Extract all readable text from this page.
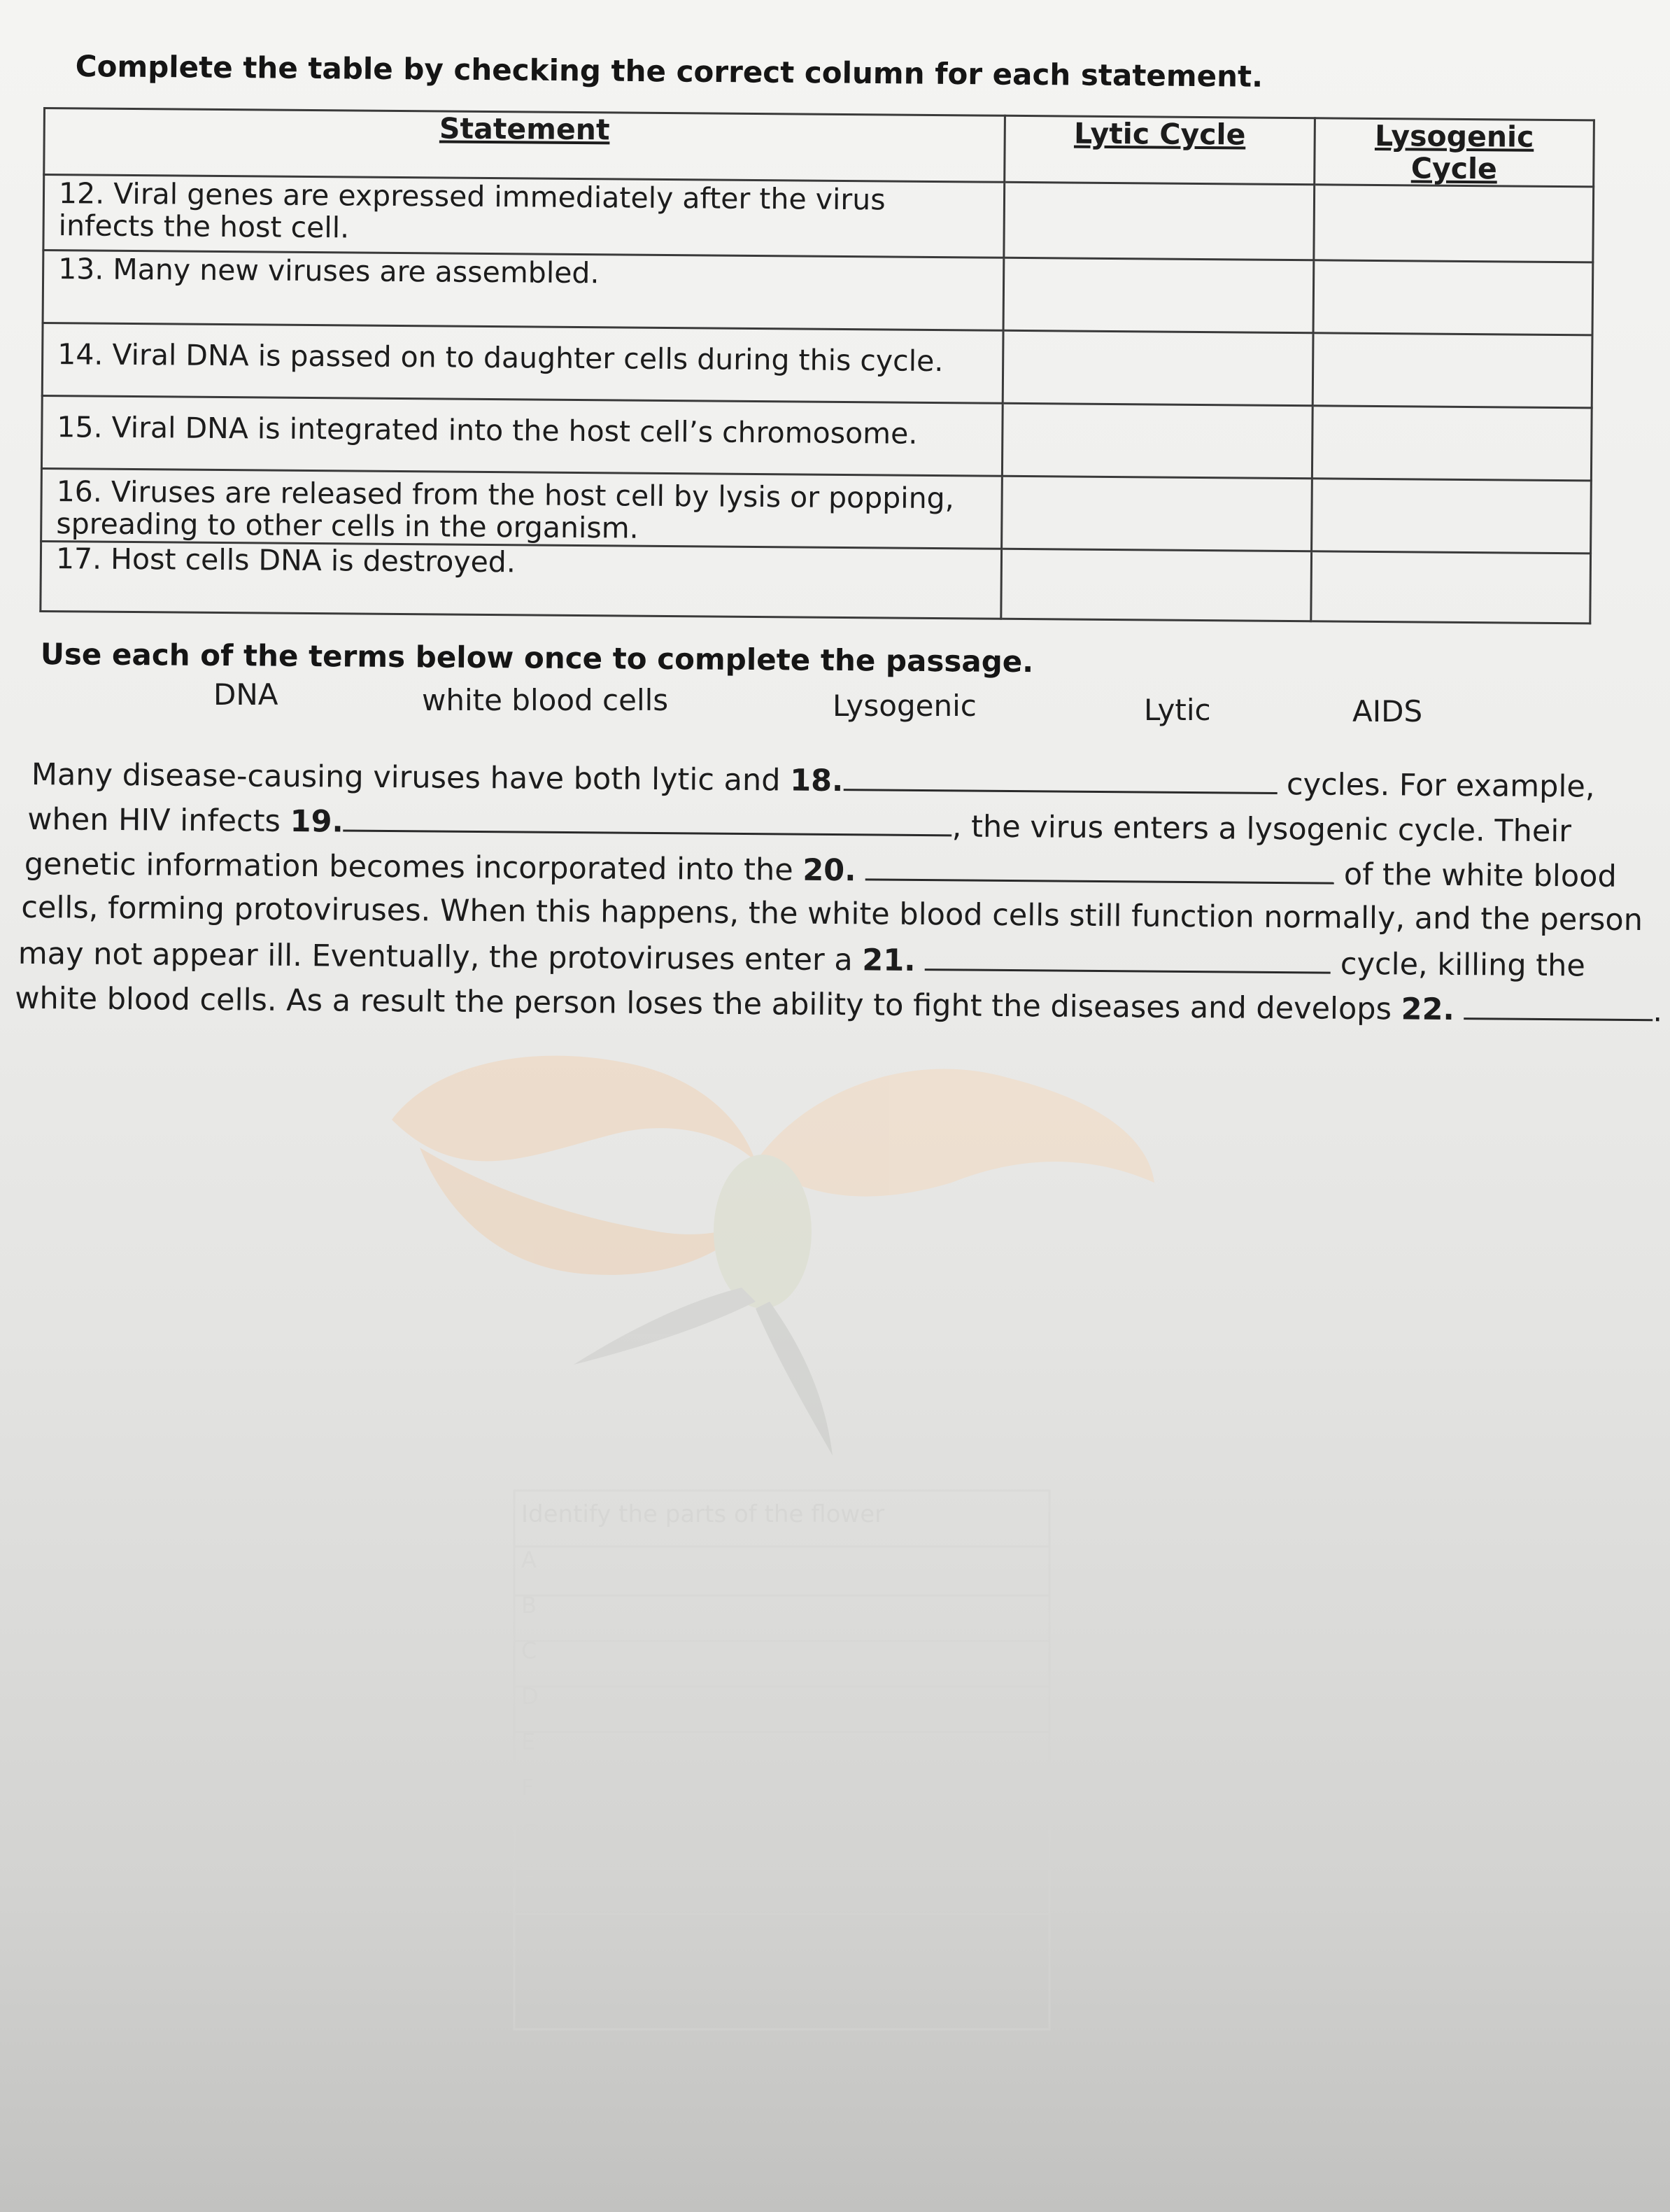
Identify the parts of the flower
A
B
C
D
E
F
G
H
Complete the table by checking the correct column for each statement.
Statement	Lytic Cycle	Lysogenic Cycle
12. Viral genes are expressed immediately after the virus infects the host cell.		
13. Many new viruses are assembled.		
14. Viral DNA is passed on to daughter cells during this cycle.		
15. Viral DNA is integrated into the host cell’s chromosome.		
16. Viruses are released from the host cell by lysis or popping, spreading to other cells in the organism.		
17. Host cells DNA is destroyed.		
Use each of the terms below once to complete the passage.
DNA	white blood cells	Lysogenic	Lytic	AIDS
Many disease-causing viruses have both lytic and 18.	cycles. For example,
when HIV infects 19.	, the virus enters a lysogenic cycle. Their
genetic information becomes incorporated into the 20.	of the white blood
cells, forming protoviruses. When this happens, the white blood cells still function normally, and the person
may not appear ill. Eventually, the protoviruses enter a 21.	cycle, killing the
white blood cells. As a result the person loses the ability to fight the diseases and develops 22.	.
